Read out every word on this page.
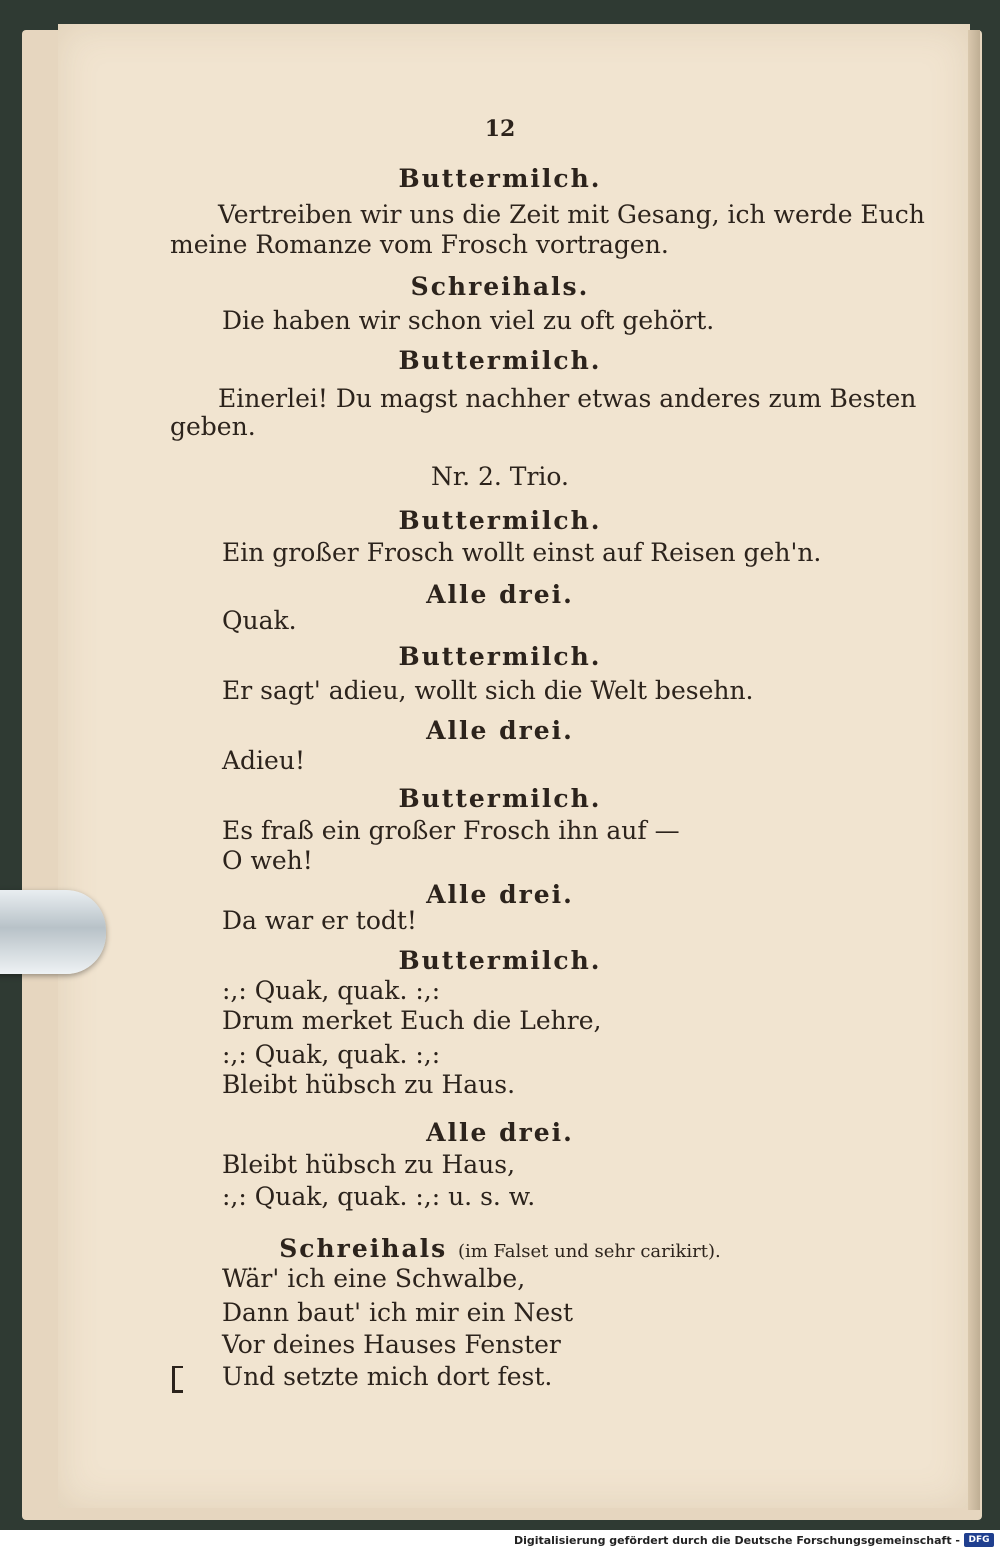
12
Buttermilch.
Vertreiben wir uns die Zeit mit Gesang, ich werde Euch
meine Romanze vom Frosch vortragen.
Schreihals.
Die haben wir schon viel zu oft gehört.
Buttermilch.
Einerlei! Du magst nachher etwas anderes zum Besten
geben.
Nr. 2. Trio.
Buttermilch.
Ein großer Frosch wollt einst auf Reisen geh'n.
Alle drei.
Quak.
Buttermilch.
Er sagt' adieu, wollt sich die Welt besehn.
Alle drei.
Adieu!
Buttermilch.
Es fraß ein großer Frosch ihn auf —
O weh!
Alle drei.
Da war er todt!
Buttermilch.
:,: Quak, quak. :,:
Drum merket Euch die Lehre,
:,: Quak, quak. :,:
Bleibt hübsch zu Haus.
Alle drei.
Bleibt hübsch zu Haus,
:,: Quak, quak. :,: u. s. w.
Schreihals (im Falset und sehr carikirt).
Wär' ich eine Schwalbe,
Dann baut' ich mir ein Nest
Vor deines Hauses Fenster
Und setzte mich dort fest.
Digitalisierung gefördert durch die Deutsche Forschungsgemeinschaft - DFG
